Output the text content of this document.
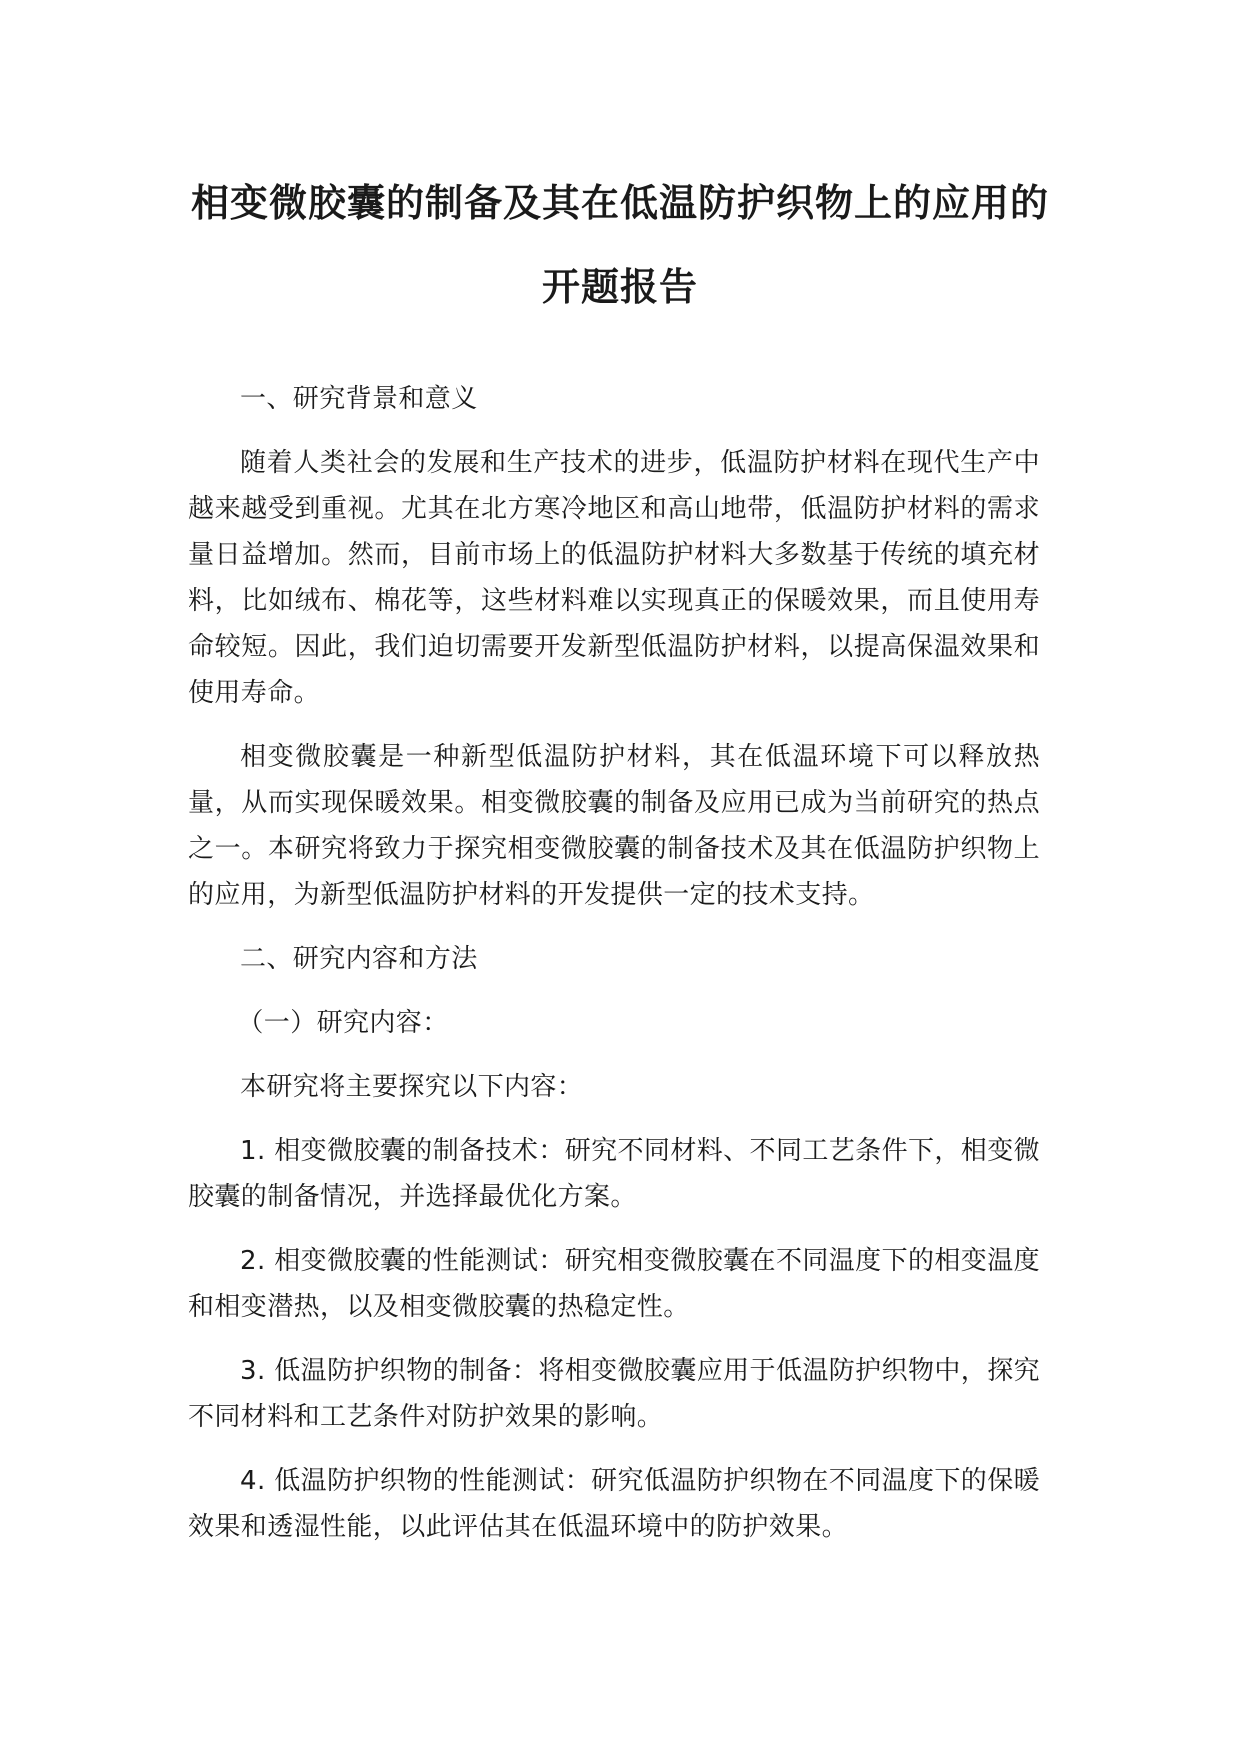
相变微胶囊的制备及其在低温防护织物上的应用的
开题报告

一、研究背景和意义

随着人类社会的发展和生产技术的进步，低温防护材料在现代生产中越来越受到重视。尤其在北方寒冷地区和高山地带，低温防护材料的需求量日益增加。然而，目前市场上的低温防护材料大多数基于传统的填充材料，比如绒布、棉花等，这些材料难以实现真正的保暖效果，而且使用寿命较短。因此，我们迫切需要开发新型低温防护材料，以提高保温效果和使用寿命。

相变微胶囊是一种新型低温防护材料，其在低温环境下可以释放热量，从而实现保暖效果。相变微胶囊的制备及应用已成为当前研究的热点之一。本研究将致力于探究相变微胶囊的制备技术及其在低温防护织物上的应用，为新型低温防护材料的开发提供一定的技术支持。

二、研究内容和方法

（一）研究内容：

本研究将主要探究以下内容：

1. 相变微胶囊的制备技术：研究不同材料、不同工艺条件下，相变微胶囊的制备情况，并选择最优化方案。

2. 相变微胶囊的性能测试：研究相变微胶囊在不同温度下的相变温度和相变潜热，以及相变微胶囊的热稳定性。

3. 低温防护织物的制备：将相变微胶囊应用于低温防护织物中，探究不同材料和工艺条件对防护效果的影响。

4. 低温防护织物的性能测试：研究低温防护织物在不同温度下的保暖效果和透湿性能，以此评估其在低温环境中的防护效果。
